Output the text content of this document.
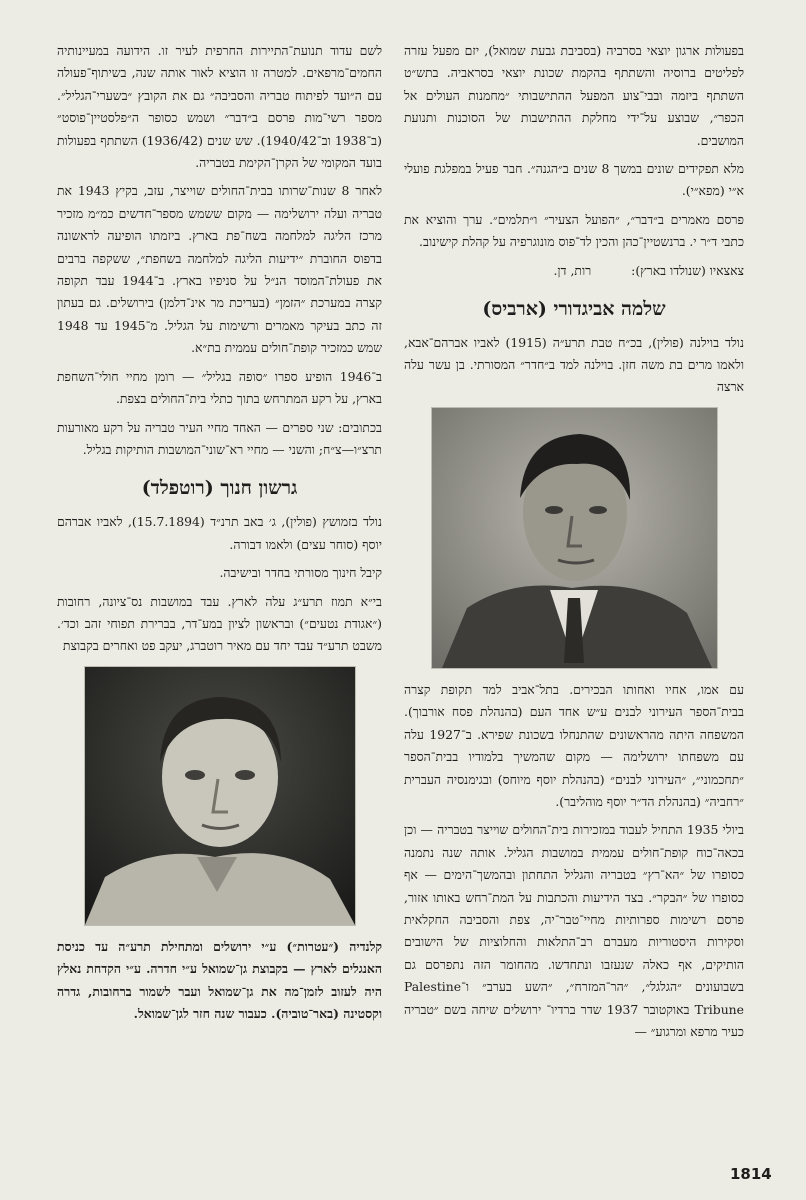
בפעולות ארגון יוצאי בסרביה (בסביבת גבעת שמואל), יזם מפעל עזרה לפליטים ברוסיה והשתתף בהקמת שכונת יוצאי בסראביה. בתש״ט השתתף ביזמה ובבי־צוע המפעל ההתישבותי ״מחמנות העולים אל הכפר״, שבוצע על־ידי מחלקת ההתישבות של הסוכנות ותנועת המושבים.

מלא תפקידים שונים במשך 8 שנים ב״הגנה״. חבר פעיל במפלגת פועלי א״י (מפא״י).

פרסם מאמרים ב״דבר״, ״הפועל הצעיר״ ו״תלמים״. ערך והוציא את כתבי ד״ר י. ברנשטיין־כהן והכין לד־פוס מונוגרפיה על קהלת קישינוב.

צאצאיו (שנולדו בארץ): רות, דן.
שלמה אביגדורי (ארביס)

נולד בוילנה (פולין), בכ״ח טבת תרע״ה (1915) לאביו אברהם־אבא, ולאמו מרים בת משה חזן. בוילנה למד ב״חדר״ המסורתי. בן עשר עלה ארצה

עם אמו, אחיו ואחותו הבכירים. בתל־אביב למד תקופת קצרה בבית־הספר העירוני לבנים ע״ש אחד העם (בהנהלת פסח אורבוך). המשפחה היתה מהראשונים שהתנחלו בשכונת שפירא. ב־1927 עלה עם משפחתו ירושלימה — מקום שהמשיך בלמודיו בבית־הספר ״תחכמוני״, ״העירוני לבנים״ (בהנהלת יוסף מיוחס) ובגימנסיה העברית ״רחביה״ (בהנהלת הד״ר יוסף מוהליבר).

ביולי 1935 התחיל לעבוד במזכירות בית־החולים שוייצר בטבריה — וכן בכאה־כוח קופת־חולים עממית במושבות הגליל. אותה שנה נתמנה כסופרו של ״הא־רץ״ בטבריה והגליל התחתון ובהמשך־הימים — אף כסופרו של ״הבקר״. בצד הידיעות והכתבות על המת־רחש באותו אזור, פרסם רשימות ספרותיות מחיי־טבר־יה, צפת והסביבה החקלאית וסקירות היסטוריות מעברם רב־התלאות והחלוציות של הישובים הותיקים, אף כאלה שנעזבו ונתחדשו. מהחומר הזה נתפרסם גם בשבועונים ״הגלגל״, ״הר־המזרח״, ״השע בערב״ ו־Palestine Tribune באוקטובר 1937 שדר ברדיו־ ירושלים שיחה בשם ״טבריה כעיר מרפא ומרגוע״ —

לשם עדוד תנועת־התיירות החרפית לעיר זו. הידועה במעיינותיה החמים־מרפאים. למטרה זו הוציא לאור אותה שנה, בשיתוף־פעולה עם ה״ועד לפיתוח טבריה והסביבה״ גם את הקובץ ״בשערי־הגליל״. מספר רשי־מות פרסם ב״דבר״ ושמש כסופר ה״פלסטיין־פוסט״ (ב־1938 וב־1940/42). שש שנים (1936/42) השתתף בפעולות בועד המקומי של הקרן־הקימת בטבריה.

לאחר 8 שנות־שרותו בבית־החולים שוייצר, עזב, בקיץ 1943 את טבריה ועלה ירושלימה — מקום ששמש מספר־חדשים כמ״מ מזכיר מרכז הליגה למלחמה בשח־פת בארץ. ביזמתו הופיעה לראשונה בדפוס החוברת ״ידיעות הליגה למלחמה בשחפת״, ששקפה ברבים את פעולת־המוסד הנ״ל על סניפיו בארץ. ב־1944 עבד תקופה קצרה במערכת ״הזמן״ (בעריכת מר אינ־דלמן) בירושלים. גם בעתון זה כתב בעיקר מאמרים ורשימות על הגליל. מ־1945 עד 1948 שמש כמזכיר קופת־חולים עממית בת״א.

ב־1946 הופיע ספרו ״סופה בגליל״ — רומן מחיי חולי־השחפת בארץ, על רקע המתרחש בתוך כתלי בית־החולים בצפת.

בכתובים: שני ספרים — האחד מחיי העיר טבריה על רקע מאורעות תרצ״ו—צ״ח; והשני — מחיי רא־שוני־המושבות הותיקות בגליל.

גרשון חנוך (רוטפלד)

נולד בזמושץ (פולין), ג׳ באב תרנ״ד (15.7.1894), לאביו אברהם יוסף (סוחר עצים) ולאמו דבורה.

קיבל חינוך מסורתי בחדר ובישיבה.

בי״א תמוז תרע״ג עלה לארץ. עבד במושבות נס־ציונה, רחובות (״אגודת נטעים״) ובראשון לציון במע־דר, בברירת תפוחי זהב וכד׳. משבט תרע״ד עבד יחד עם מאיר רוטברג, יעקב פט ואחרים בקבוצת

קלנדיה (״עטרות״) ע״י ירושלים ומתחילת תרע״ה עד כניסת האנגלים לארץ — בקבוצת גן־שמואל ע״י חדרה. ע״י הקדחת נאלץ היה לעזוב לזמן־מה את גן־שמואל ועבר לשמור ברחובות, גדרה וקסטינה (באר־טוביה). כעבור שנה חזר לגן־שמואל.

1814
